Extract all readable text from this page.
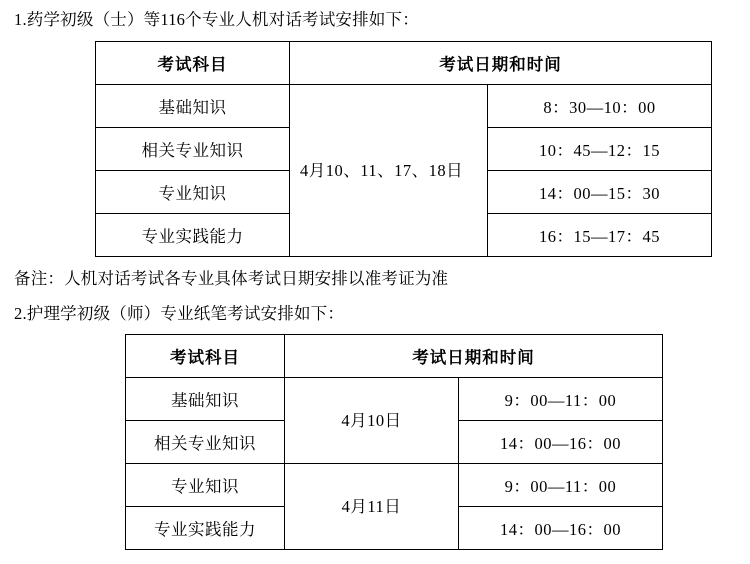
1.药学初级（士）等116个专业人机对话考试安排如下：

考试科目	考试日期和时间	
基础知识	4月10、11、17、18日	8：30—10：00
相关专业知识		10：45—12：15
专业知识		14：00—15：30
专业实践能力		16：15—17：45

备注：人机对话考试各专业具体考试日期安排以准考证为准

2.护理学初级（师）专业纸笔考试安排如下：

考试科目	考试日期和时间	
基础知识	4月10日	9：00—11：00
相关专业知识		14：00—16：00
专业知识	4月11日	9：00—11：00
专业实践能力		14：00—16：00
